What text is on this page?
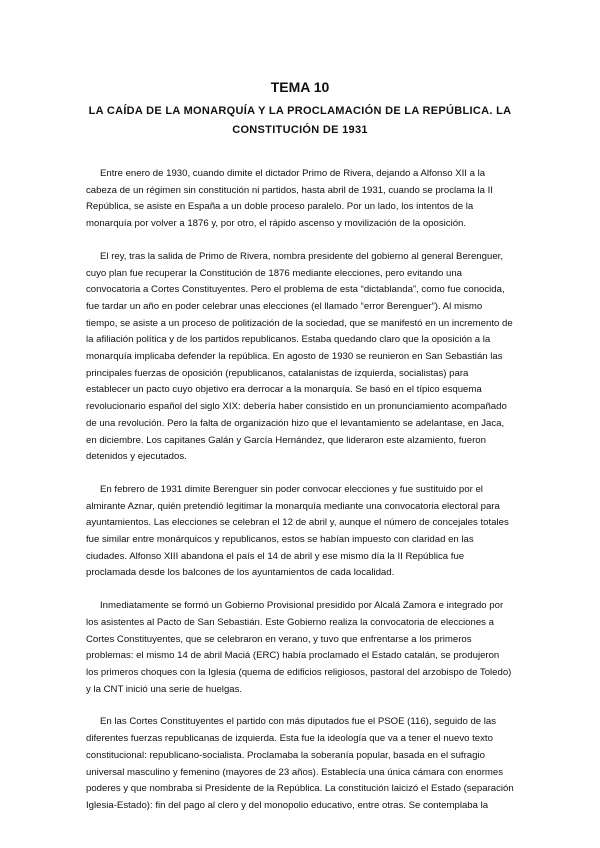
TEMA 10
LA CAÍDA DE LA MONARQUÍA Y LA PROCLAMACIÓN DE LA REPÚBLICA. LA CONSTITUCIÓN DE 1931

Entre enero de 1930, cuando dimite el dictador Primo de Rivera, dejando a Alfonso XII a la cabeza de un régimen sin constitución ni partidos, hasta abril de 1931, cuando se proclama la II República, se asiste en España a un doble proceso paralelo. Por un lado, los intentos de la monarquía por volver a 1876 y, por otro, el rápido ascenso y movilización de la oposición.

El rey, tras la salida de Primo de Rivera, nombra presidente del gobierno al general Berenguer, cuyo plan fue recuperar la Constitución de 1876 mediante elecciones, pero evitando una convocatoria a Cortes Constituyentes. Pero el problema de esta “dictablanda”, como fue conocida, fue tardar un año en poder celebrar unas elecciones (el llamado “error Berenguer”). Al mismo tiempo, se asiste a un proceso de politización de la sociedad, que se manifestó en un incremento de la afiliación política y de los partidos republicanos. Estaba quedando claro que la oposición a la monarquía implicaba defender la república. En agosto de 1930 se reunieron en San Sebastián las principales fuerzas de oposición (republicanos, catalanistas de izquierda, socialistas) para establecer un pacto cuyo objetivo era derrocar a la monarquía. Se basó en el típico esquema revolucionario español del siglo XIX: debería haber consistido en un pronunciamiento acompañado de una revolución. Pero la falta de organización hizo que el levantamiento se adelantase, en Jaca, en diciembre. Los capitanes Galán y García Hernández, que lideraron este alzamiento, fueron detenidos y ejecutados.

En febrero de 1931 dimite Berenguer sin poder convocar elecciones y fue sustituido por el almirante Aznar, quién pretendió legitimar la monarquía mediante una convocatoria electoral para ayuntamientos. Las elecciones se celebran el 12 de abril y, aunque el número de concejales totales fue similar entre monárquicos y republicanos, estos se habían impuesto con claridad en las ciudades. Alfonso XIII abandona el país el 14 de abril y ese mismo día la II República fue proclamada desde los balcones de los ayuntamientos de cada localidad.

Inmediatamente se formó un Gobierno Provisional presidido por Alcalá Zamora e integrado por los asistentes al Pacto de San Sebastián. Este Gobierno realiza la convocatoria de elecciones a Cortes Constituyentes, que se celebraron en verano, y tuvo que enfrentarse a los primeros problemas: el mismo 14 de abril Maciá (ERC) había proclamado el Estado catalán, se produjeron los primeros choques con la Iglesia (quema de edificios religiosos, pastoral del arzobispo de Toledo) y la CNT inició una serie de huelgas.

En las Cortes Constituyentes el partido con más diputados fue el PSOE (116), seguido de las diferentes fuerzas republicanas de izquierda. Esta fue la ideología que va a tener el nuevo texto constitucional: republicano-socialista. Proclamaba la soberanía popular, basada en el sufragio universal masculino y femenino (mayores de 23 años). Establecía una única cámara con enormes poderes y que nombraba si Presidente de la República. La constitución laicizó el Estado (separación Iglesia-Estado): fin del pago al clero y del monopolio educativo, entre otras. Se contemplaba la
